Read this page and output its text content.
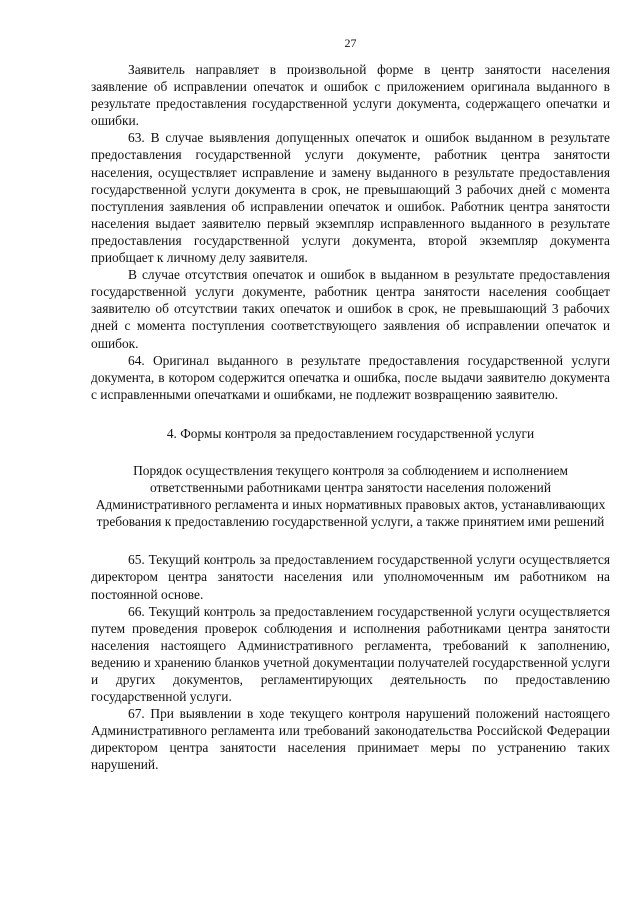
27

Заявитель направляет в произвольной форме в центр занятости населения заявление об исправлении опечаток и ошибок с приложением оригинала выданного в результате предоставления государственной услуги документа, содержащего опечатки и ошибки.

63. В случае выявления допущенных опечаток и ошибок выданном в результате предоставления государственной услуги документе, работник центра занятости населения, осуществляет исправление и замену выданного в результате предоставления государственной услуги документа в срок, не превышающий 3 рабочих дней с момента поступления заявления об исправлении опечаток и ошибок. Работник центра занятости населения выдает заявителю первый экземпляр исправленного выданного в результате предоставления государственной услуги документа, второй экземпляр документа приобщает к личному делу заявителя.

В случае отсутствия опечаток и ошибок в выданном в результате предоставления государственной услуги документе, работник центра занятости населения сообщает заявителю об отсутствии таких опечаток и ошибок в срок, не превышающий 3 рабочих дней с момента поступления соответствующего заявления об исправлении опечаток и ошибок.

64. Оригинал выданного в результате предоставления государственной услуги документа, в котором содержится опечатка и ошибка, после выдачи заявителю документа с исправленными опечатками и ошибками, не подлежит возвращению заявителю.

4. Формы контроля за предоставлением государственной услуги
Порядок осуществления текущего контроля за соблюдением и исполнением ответственными работниками центра занятости населения положений Административного регламента и иных нормативных правовых актов, устанавливающих требования к предоставлению государственной услуги, а также принятием ими решений

65. Текущий контроль за предоставлением государственной услуги осуществляется директором центра занятости населения или уполномоченным им работником на постоянной основе.

66. Текущий контроль за предоставлением государственной услуги осуществляется путем проведения проверок соблюдения и исполнения работниками центра занятости населения настоящего Административного регламента, требований к заполнению, ведению и хранению бланков учетной документации получателей государственной услуги и других документов, регламентирующих деятельность по предоставлению государственной услуги.

67. При выявлении в ходе текущего контроля нарушений положений настоящего Административного регламента или требований законодательства Российской Федерации директором центра занятости населения принимает меры по устранению таких нарушений.
